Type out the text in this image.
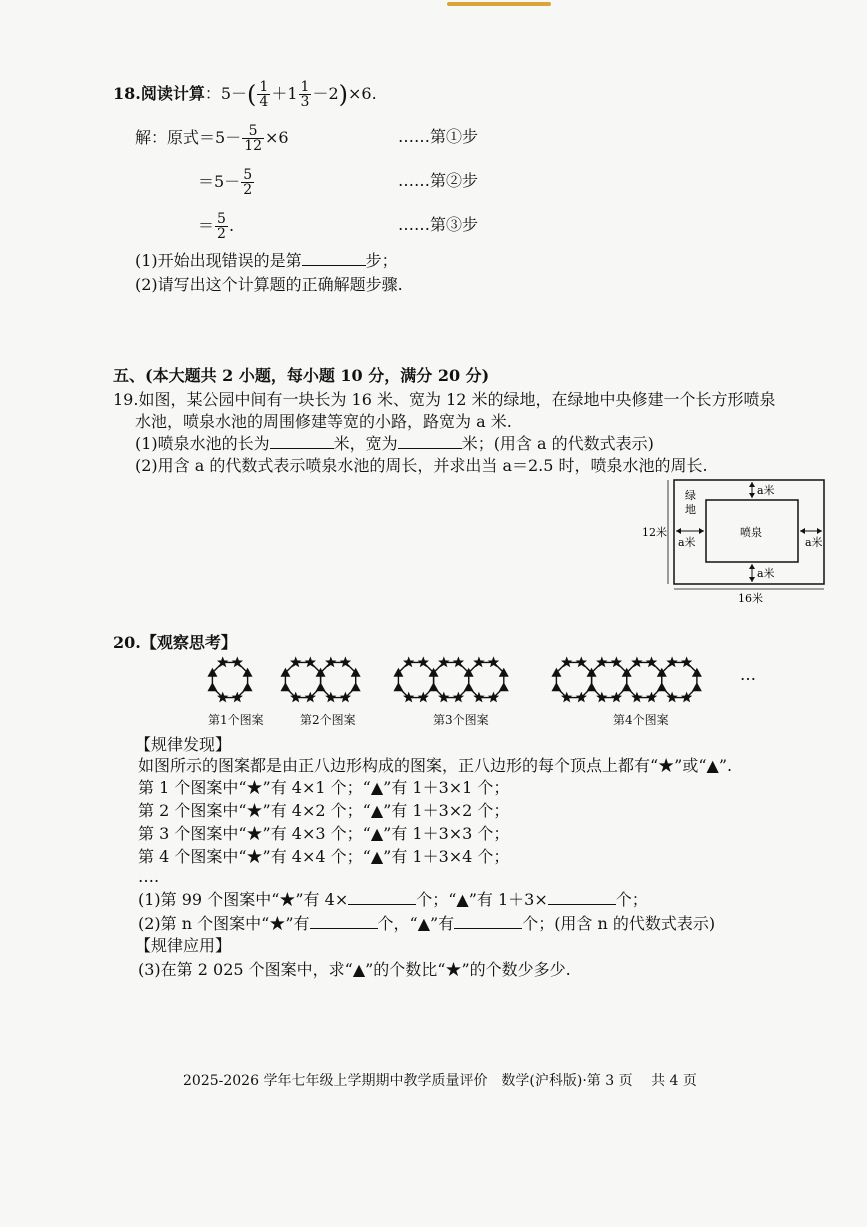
18.阅读计算：$5-( \frac{1}{4} +1 \frac{1}{3} -2)\times 6$.
解：原式$=5- \frac{5}{12} \times 6$	……第①步
$=5- \frac{5}{2}$	……第②步
＝ $\frac{5}{2}$ .	……第③步
(1)开始出现错误的是第	步；
(2)请写出这个计算题的正确解题步骤.
五、(本大题共 2 小题，每小题 10 分，满分 20 分)
19.如图，某公园中间有一块长为 16 米、宽为 12 米的绿地，在绿地中央修建一个长方形喷泉
水池，喷泉水池的周围修建等宽的小路，路宽为 a 米.
(1)喷泉水池的长为	米，宽为	米；(用含 a 的代数式表示)
(2)用含 a 的代数式表示喷泉水池的周长，并求出当 a＝2.5 时，喷泉水池的周长.
绿
地
喷泉
a米
a米
a米	a米
12米
16米
20.【观察思考】
第1个图案	第2个图案	第3个图案	第4个图案
…
【规律发现】
如图所示的图案都是由正八边形构成的图案，正八边形的每个顶点上都有“★”或“▲”.
第 1 个图案中“★”有 4×1 个；“▲”有 1＋3×1 个；
第 2 个图案中“★”有 4×2 个；“▲”有 1＋3×2 个；
第 3 个图案中“★”有 4×3 个；“▲”有 1＋3×3 个；
第 4 个图案中“★”有 4×4 个；“▲”有 1＋3×4 个；
….
(1)第 99 个图案中“★”有 4×	个；“▲”有 1＋3×	个；
(2)第 n 个图案中“★”有	个，“▲”有	个；(用含 n 的代数式表示)
【规律应用】
(3)在第 2 025 个图案中，求“▲”的个数比“★”的个数少多少.
2025-2026 学年七年级上学期期中教学质量评价　数学(沪科版)·第 3 页　 共 4 页
